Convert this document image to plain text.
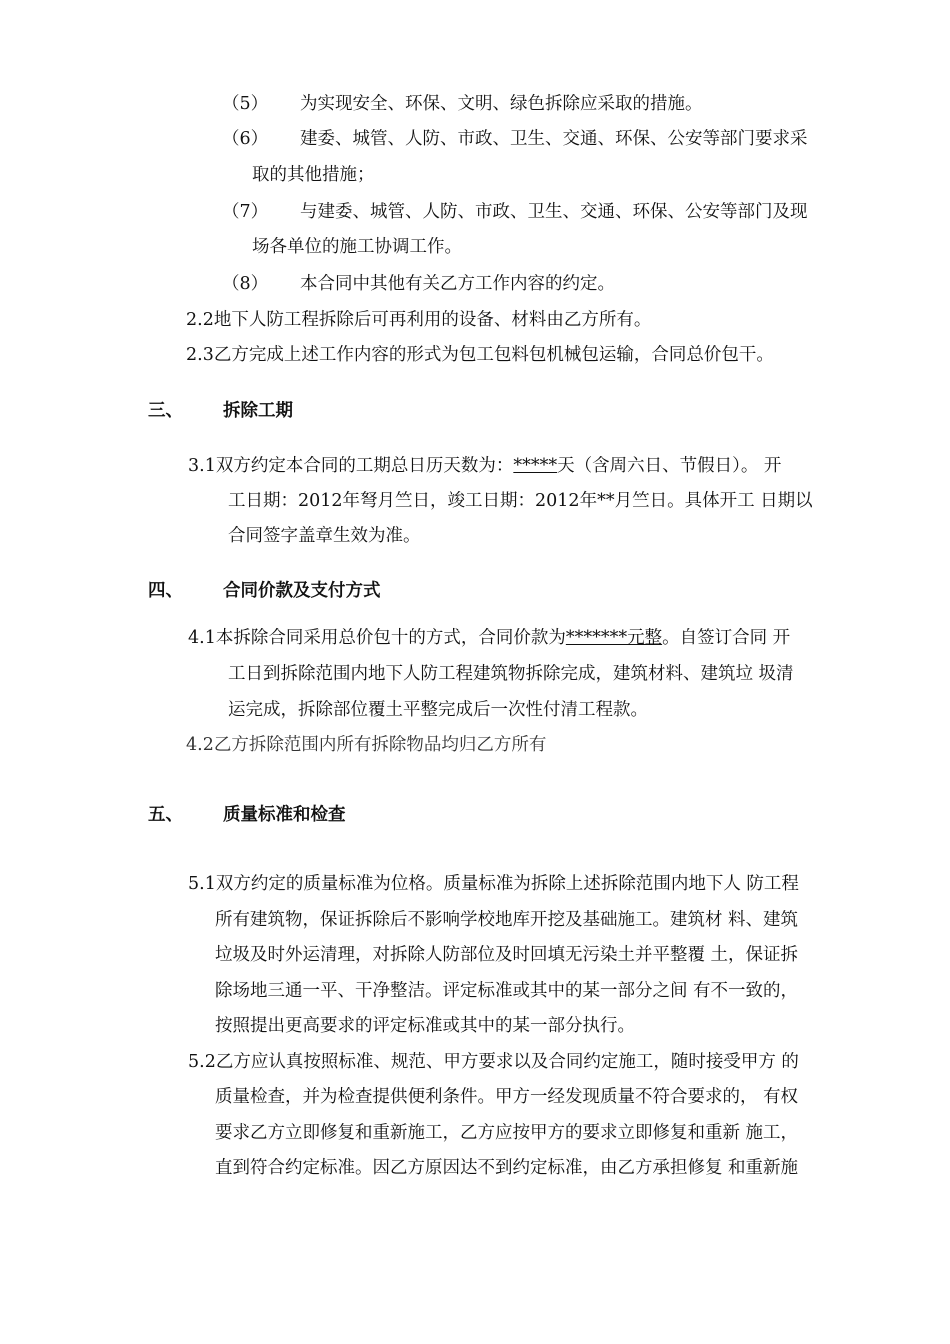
（5） 为实现安全、环保、文明、绿色拆除应采取的措施。
（6） 建委、城管、人防、市政、卫生、交通、环保、公安等部门要求采
取的其他措施；
（7） 与建委、城管、人防、市政、卫生、交通、环保、公安等部门及现
场各单位的施工协调工作。
（8） 本合同中其他有关乙方工作内容的约定。
2.2地下人防工程拆除后可再利用的设备、材料由乙方所有。
2.3乙方完成上述工作内容的形式为包工包料包机械包运输，合同总价包干。
三、 拆除工期
3.1双方约定本合同的工期总日历天数为：*****天（含周六日、节假日）。 开
工日期：2012年弩月竺日，竣工日期：2012年**月竺日。具体开工 日期以
合同签字盖章生效为准。
四、 合同价款及支付方式
4.1本拆除合同采用总价包十的方式，合同价款为*******元整。自签订合同 开
工日到拆除范围内地下人防工程建筑物拆除完成，建筑材料、建筑垃 圾清
运完成，拆除部位覆土平整完成后一次性付清工程款。
4.2乙方拆除范围内所有拆除物品均归乙方所有
五、 质量标准和检查
5.1双方约定的质量标准为位格。质量标准为拆除上述拆除范围内地下人 防工程
所有建筑物，保证拆除后不影响学校地库开挖及基础施工。建筑材 料、建筑
垃圾及时外运清理，对拆除人防部位及时回填无污染土并平整覆 土，保证拆
除场地三通一平、干净整洁。评定标准或其中的某一部分之间 有不一致的，
按照提出更高要求的评定标准或其中的某一部分执行。
5.2乙方应认真按照标准、规范、甲方要求以及合同约定施工，随时接受甲方 的
质量检查，并为检查提供便利条件。甲方一经发现质量不符合要求的， 有权
要求乙方立即修复和重新施工，乙方应按甲方的要求立即修复和重新 施工，
直到符合约定标准。因乙方原因达不到约定标准，由乙方承担修复 和重新施
